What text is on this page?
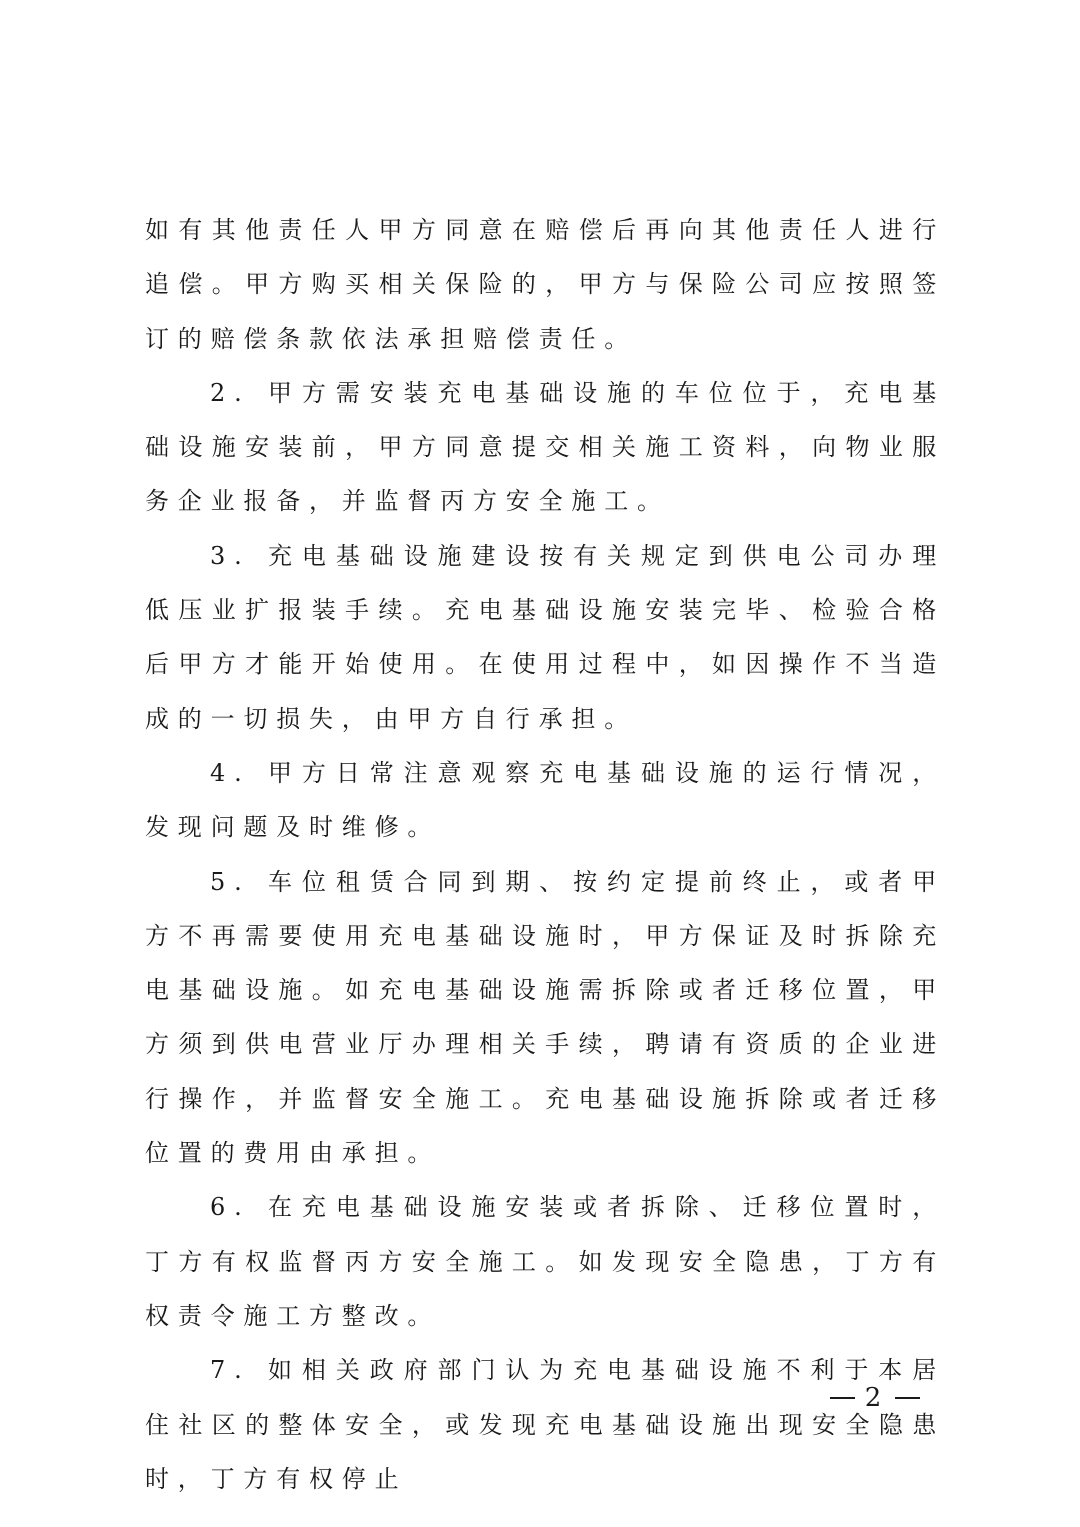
如有其他责任人甲方同意在赔偿后再向其他责任人进行追偿。甲方购买相关保险的，甲方与保险公司应按照签订的赔偿条款依法承担赔偿责任。

2. 甲方需安装充电基础设施的车位位于，充电基础设施安装前，甲方同意提交相关施工资料，向物业服务企业报备，并监督丙方安全施工。

3. 充电基础设施建设按有关规定到供电公司办理低压业扩报装手续。充电基础设施安装完毕、检验合格后甲方才能开始使用。在使用过程中，如因操作不当造成的一切损失，由甲方自行承担。

4. 甲方日常注意观察充电基础设施的运行情况，发现问题及时维修。

5. 车位租赁合同到期、按约定提前终止，或者甲方不再需要使用充电基础设施时，甲方保证及时拆除充电基础设施。如充电基础设施需拆除或者迁移位置，甲方须到供电营业厅办理相关手续，聘请有资质的企业进行操作，并监督安全施工。充电基础设施拆除或者迁移位置的费用由承担。

6. 在充电基础设施安装或者拆除、迁移位置时，丁方有权监督丙方安全施工。如发现安全隐患，丁方有权责令施工方整改。

7. 如相关政府部门认为充电基础设施不利于本居住社区的整体安全，或发现充电基础设施出现安全隐患时，丁方有权停止

2
